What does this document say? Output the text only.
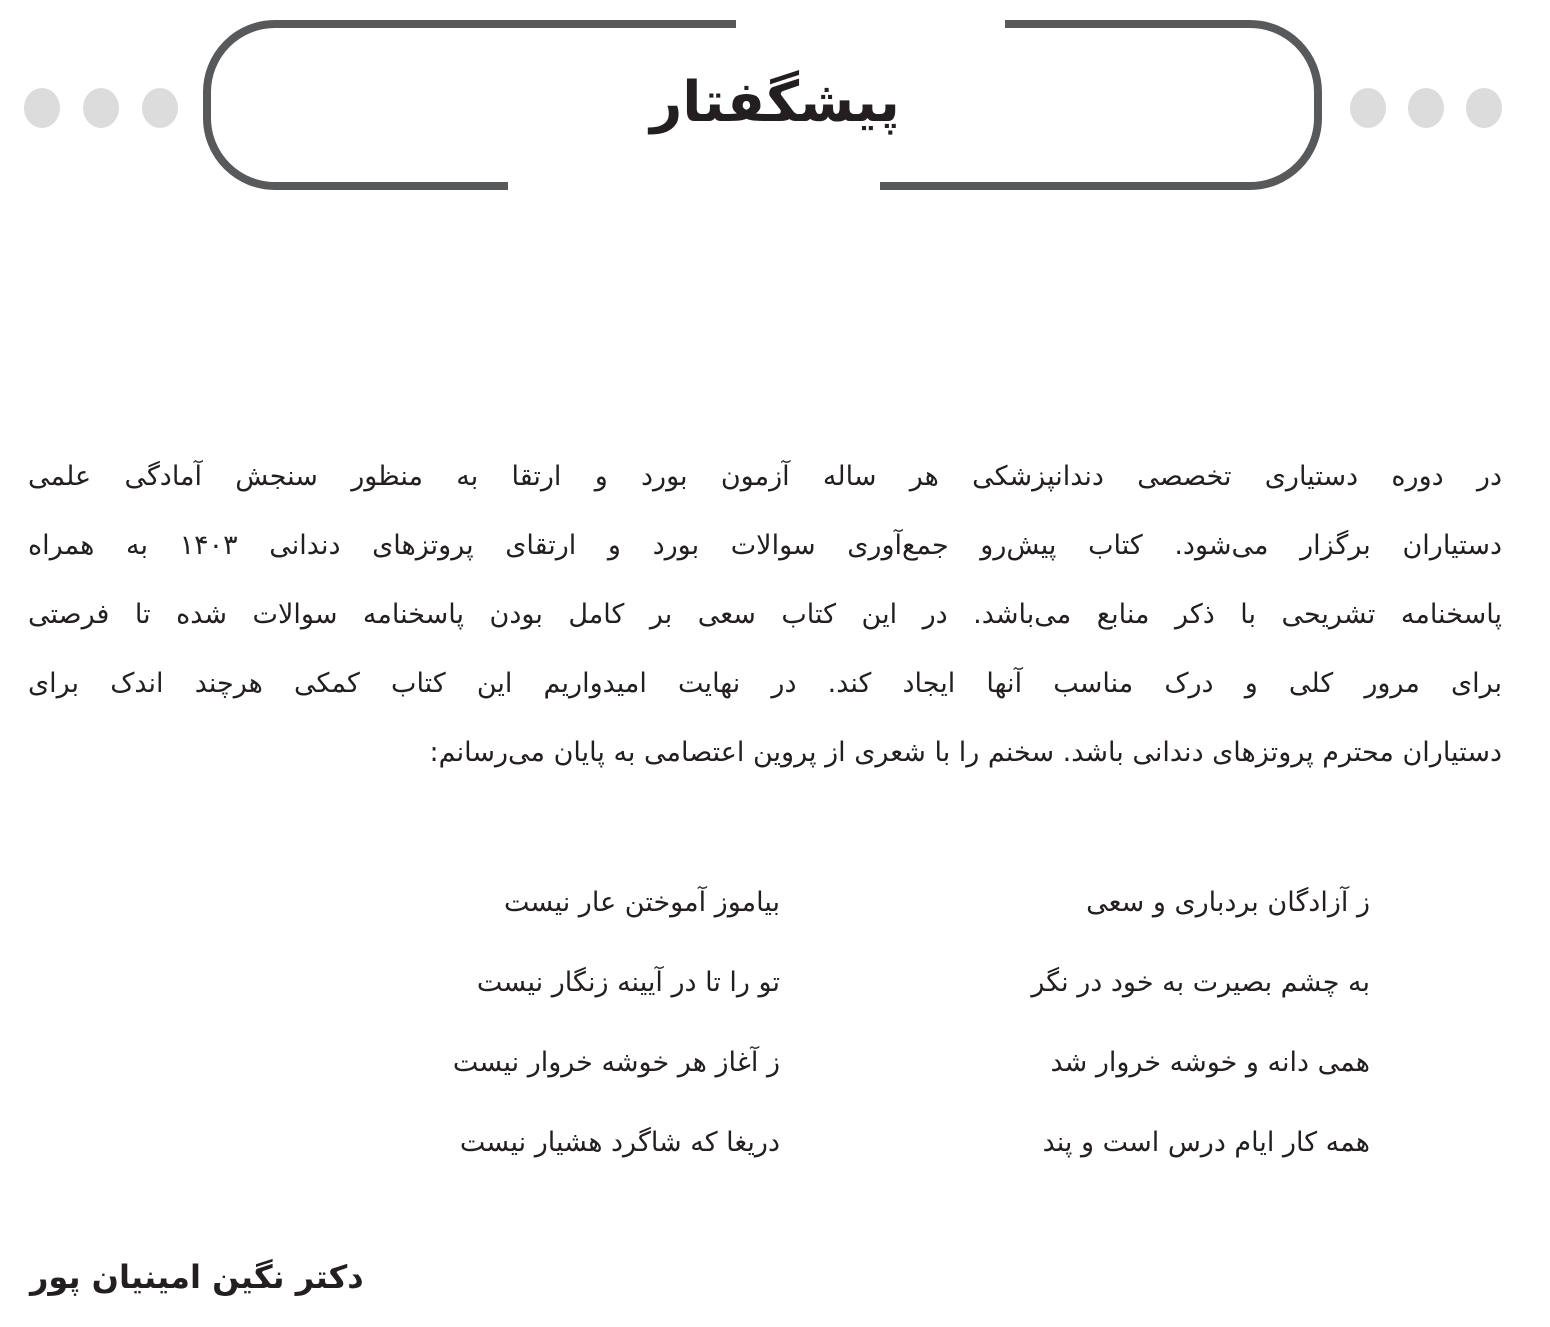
پیشگفتار
در دوره دستیاری تخصصی دندانپزشکی هر ساله آزمون بورد و ارتقا به منظور سنجش آمادگی علمی
دستیاران برگزار می‌شود. کتاب پیش‌رو جمع‌آوری سوالات بورد و ارتقای پروتزهای دندانی ۱۴۰۳ به همراه
پاسخنامه تشریحی با ذکر منابع می‌باشد. در این کتاب سعی بر کامل بودن پاسخنامه سوالات شده تا فرصتی
برای مرور کلی و درک مناسب آنها ایجاد کند. در نهایت امیدواریم این کتاب کمکی هرچند اندک برای
دستیاران محترم پروتزهای دندانی باشد. سخنم را با شعری از پروین اعتصامی به پایان می‌رسانم:
ز آزادگان بردباری و سعی
بیاموز آموختن عار نیست
به چشم بصیرت به خود در نگر
تو را تا در آیینه زنگار نیست
همی دانه و خوشه خروار شد
ز آغاز هر خوشه خروار نیست
همه کار ایام درس است و پند
دریغا که شاگرد هشیار نیست
دکتر نگین امینیان پور
